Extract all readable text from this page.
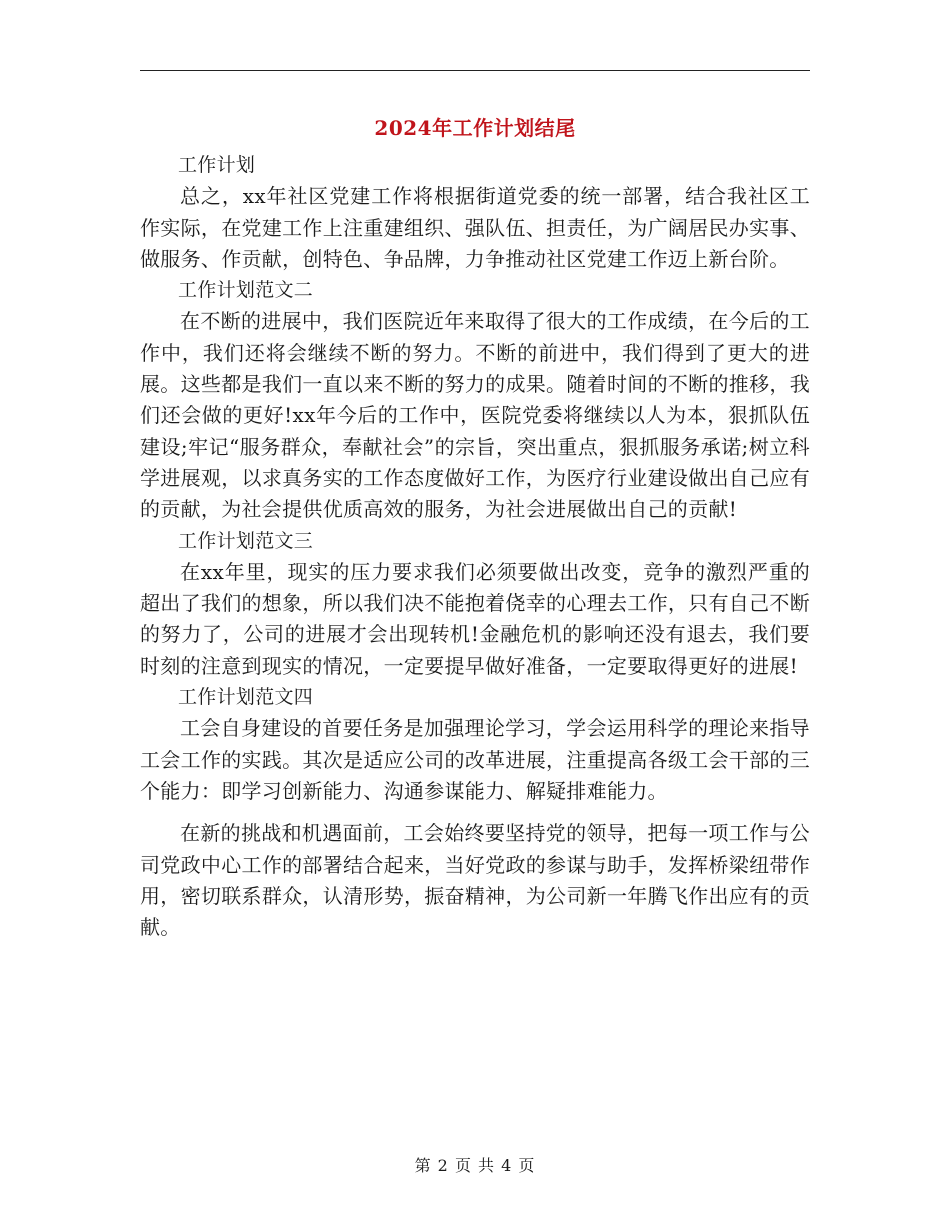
2024年工作计划结尾

工作计划

总之，xx年社区党建工作将根据街道党委的统一部署，结合我社区工作实际，在党建工作上注重建组织、强队伍、担责任，为广阔居民办实事、做服务、作贡献，创特色、争品牌，力争推动社区党建工作迈上新台阶。

工作计划范文二

在不断的进展中，我们医院近年来取得了很大的工作成绩，在今后的工作中，我们还将会继续不断的努力。不断的前进中，我们得到了更大的进展。这些都是我们一直以来不断的努力的成果。随着时间的不断的推移，我们还会做的更好!xx年今后的工作中，医院党委将继续以人为本，狠抓队伍建设;牢记“服务群众，奉献社会”的宗旨，突出重点，狠抓服务承诺;树立科学进展观，以求真务实的工作态度做好工作，为医疗行业建设做出自己应有的贡献，为社会提供优质高效的服务，为社会进展做出自己的贡献!

工作计划范文三

在xx年里，现实的压力要求我们必须要做出改变，竞争的激烈严重的超出了我们的想象，所以我们决不能抱着侥幸的心理去工作，只有自己不断的努力了，公司的进展才会出现转机!金融危机的影响还没有退去，我们要时刻的注意到现实的情况，一定要提早做好准备，一定要取得更好的进展!

工作计划范文四

工会自身建设的首要任务是加强理论学习，学会运用科学的理论来指导工会工作的实践。其次是适应公司的改革进展，注重提高各级工会干部的三个能力：即学习创新能力、沟通参谋能力、解疑排难能力。

在新的挑战和机遇面前，工会始终要坚持党的领导，把每一项工作与公司党政中心工作的部署结合起来，当好党政的参谋与助手，发挥桥梁纽带作用，密切联系群众，认清形势，振奋精神，为公司新一年腾飞作出应有的贡献。

第 2 页 共 4 页
